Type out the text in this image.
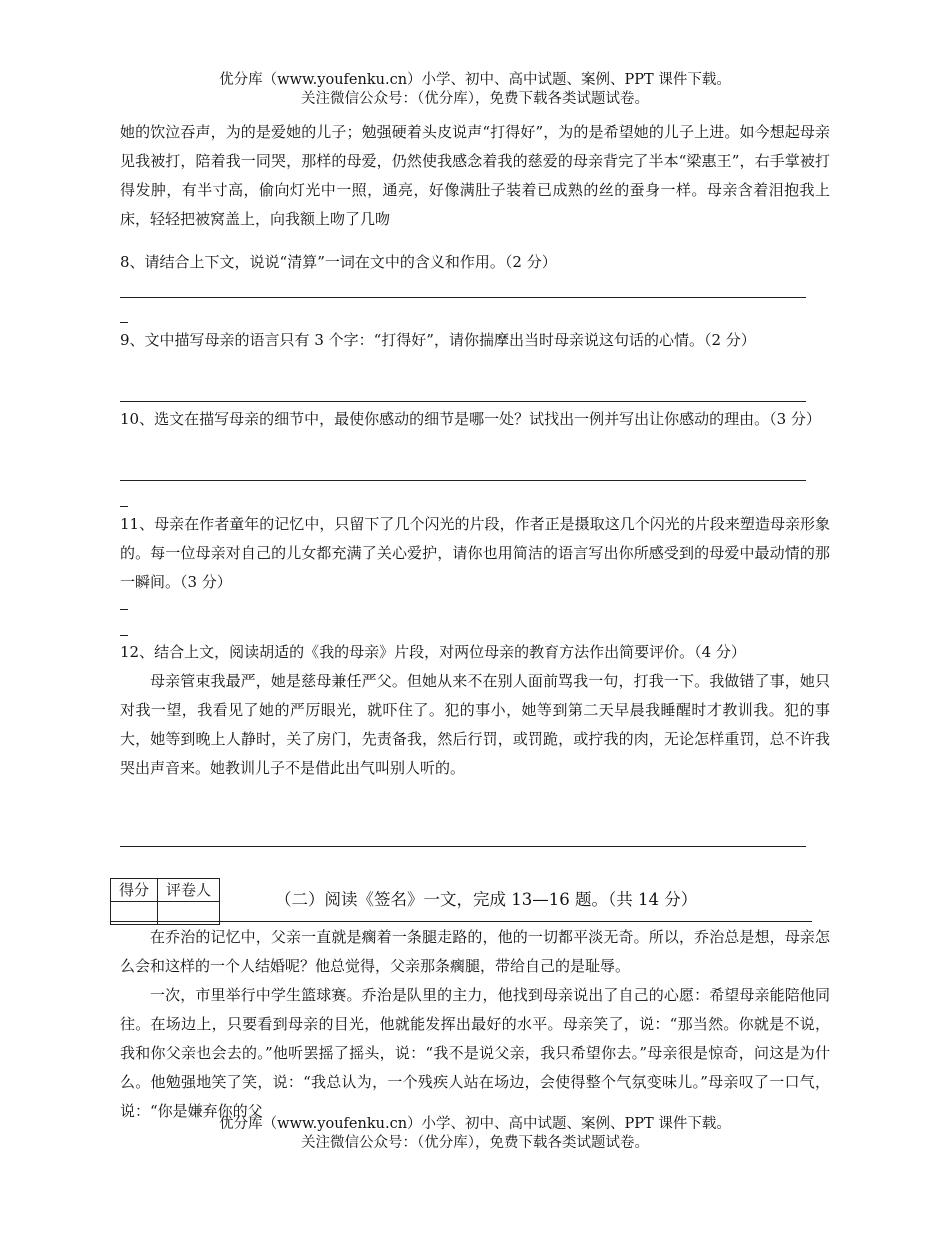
优分库（www.youfenku.cn）小学、初中、高中试题、案例、PPT 课件下载。
关注微信公众号：（优分库），免费下载各类试题试卷。

她的饮泣吞声，为的是爱她的儿子；勉强硬着头皮说声“打得好”，为的是希望她的儿子上进。如今想起母亲见我被打，陪着我一同哭，那样的母爱，仍然使我感念着我的慈爱的母亲背完了半本“梁惠王”，右手掌被打得发肿，有半寸高，偷向灯光中一照，通亮，好像满肚子装着已成熟的丝的蚕身一样。母亲含着泪抱我上床，轻轻把被窝盖上，向我额上吻了几吻

8、请结合上下文，说说“清算”一词在文中的含义和作用。（2 分）

9、文中描写母亲的语言只有 3 个字：“打得好”，请你揣摩出当时母亲说这句话的心情。（2 分）

10、选文在描写母亲的细节中，最使你感动的细节是哪一处？试找出一例并写出让你感动的理由。（3 分）

11、母亲在作者童年的记忆中，只留下了几个闪光的片段，作者正是摄取这几个闪光的片段来塑造母亲形象的。每一位母亲对自己的儿女都充满了关心爱护，请你也用简洁的语言写出你所感受到的母爱中最动情的那一瞬间。（3 分）

12、结合上文，阅读胡适的《我的母亲》片段，对两位母亲的教育方法作出简要评价。（4 分）

母亲管束我最严，她是慈母兼任严父。但她从来不在别人面前骂我一句，打我一下。我做错了事，她只对我一望，我看见了她的严厉眼光，就吓住了。犯的事小，她等到第二天早晨我睡醒时才教训我。犯的事大，她等到晚上人静时，关了房门，先责备我，然后行罚，或罚跪，或拧我的肉，无论怎样重罚，总不许我哭出声音来。她教训儿子不是借此出气叫别人听的。

得分	评卷人
		（二）阅读《签名》一文，完成 13—16 题。（共 14 分）

在乔治的记忆中，父亲一直就是瘸着一条腿走路的，他的一切都平淡无奇。所以，乔治总是想，母亲怎么会和这样的一个人结婚呢？他总觉得，父亲那条瘸腿，带给自己的是耻辱。

一次，市里举行中学生篮球赛。乔治是队里的主力，他找到母亲说出了自己的心愿：希望母亲能陪他同往。在场边上，只要看到母亲的目光，他就能发挥出最好的水平。母亲笑了，说：“那当然。你就是不说，我和你父亲也会去的。”他听罢摇了摇头，说：“我不是说父亲，我只希望你去。”母亲很是惊奇，问这是为什么。他勉强地笑了笑，说：“我总认为，一个残疾人站在场边，会使得整个气氛变味儿。”母亲叹了一口气，说：“你是嫌弃你的父

优分库（www.youfenku.cn）小学、初中、高中试题、案例、PPT 课件下载。
关注微信公众号：（优分库），免费下载各类试题试卷。
